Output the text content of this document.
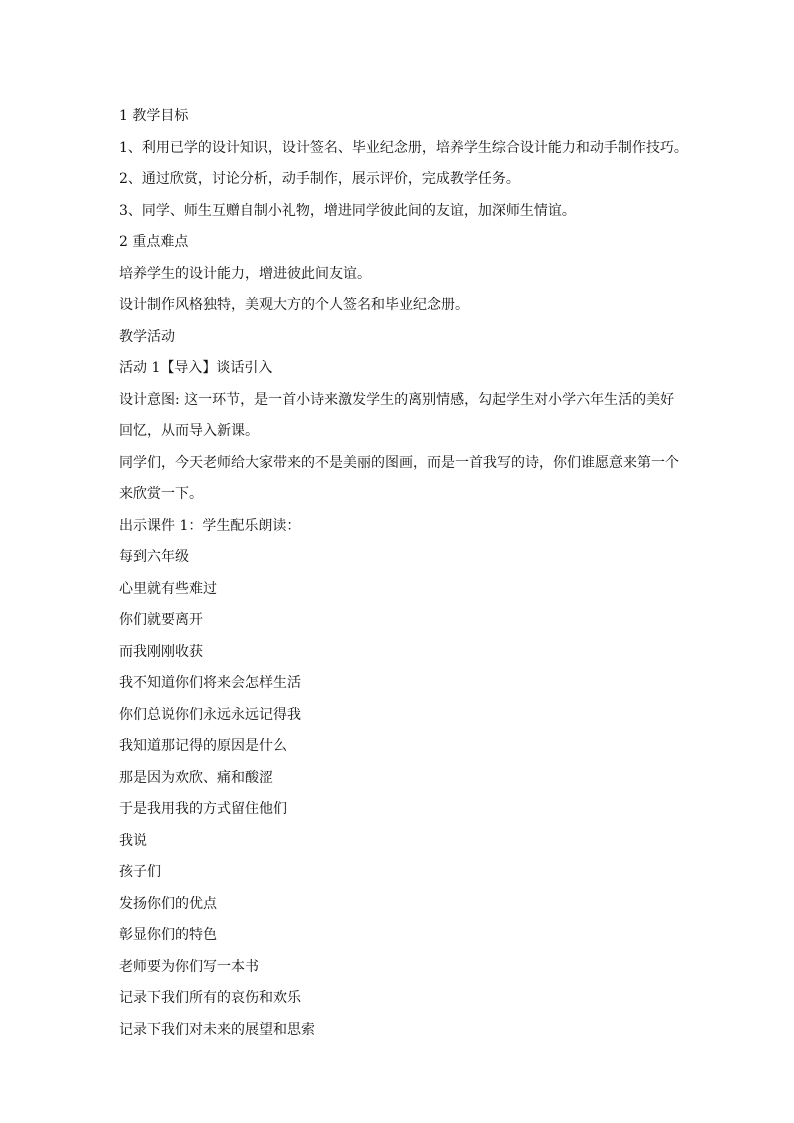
1 教学目标
1、利用已学的设计知识，设计签名、毕业纪念册，培养学生综合设计能力和动手制作技巧。
2、通过欣赏，讨论分析，动手制作，展示评价，完成教学任务。
3、同学、师生互赠自制小礼物，增进同学彼此间的友谊，加深师生情谊。
2 重点难点
培养学生的设计能力，增进彼此间友谊。
设计制作风格独特，美观大方的个人签名和毕业纪念册。
教学活动
活动 1【导入】谈话引入
设计意图: 这一环节，是一首小诗来激发学生的离别情感，勾起学生对小学六年生活的美好回忆，从而导入新课。
同学们，今天老师给大家带来的不是美丽的图画，而是一首我写的诗，你们谁愿意来第一个来欣赏一下。
出示课件 1：学生配乐朗读：
每到六年级
心里就有些难过
你们就要离开
而我刚刚收获
我不知道你们将来会怎样生活
你们总说你们永远永远记得我
我知道那记得的原因是什么
那是因为欢欣、痛和酸涩
于是我用我的方式留住他们
我说
孩子们
发扬你们的优点
彰显你们的特色
老师要为你们写一本书
记录下我们所有的哀伤和欢乐
记录下我们对未来的展望和思索
